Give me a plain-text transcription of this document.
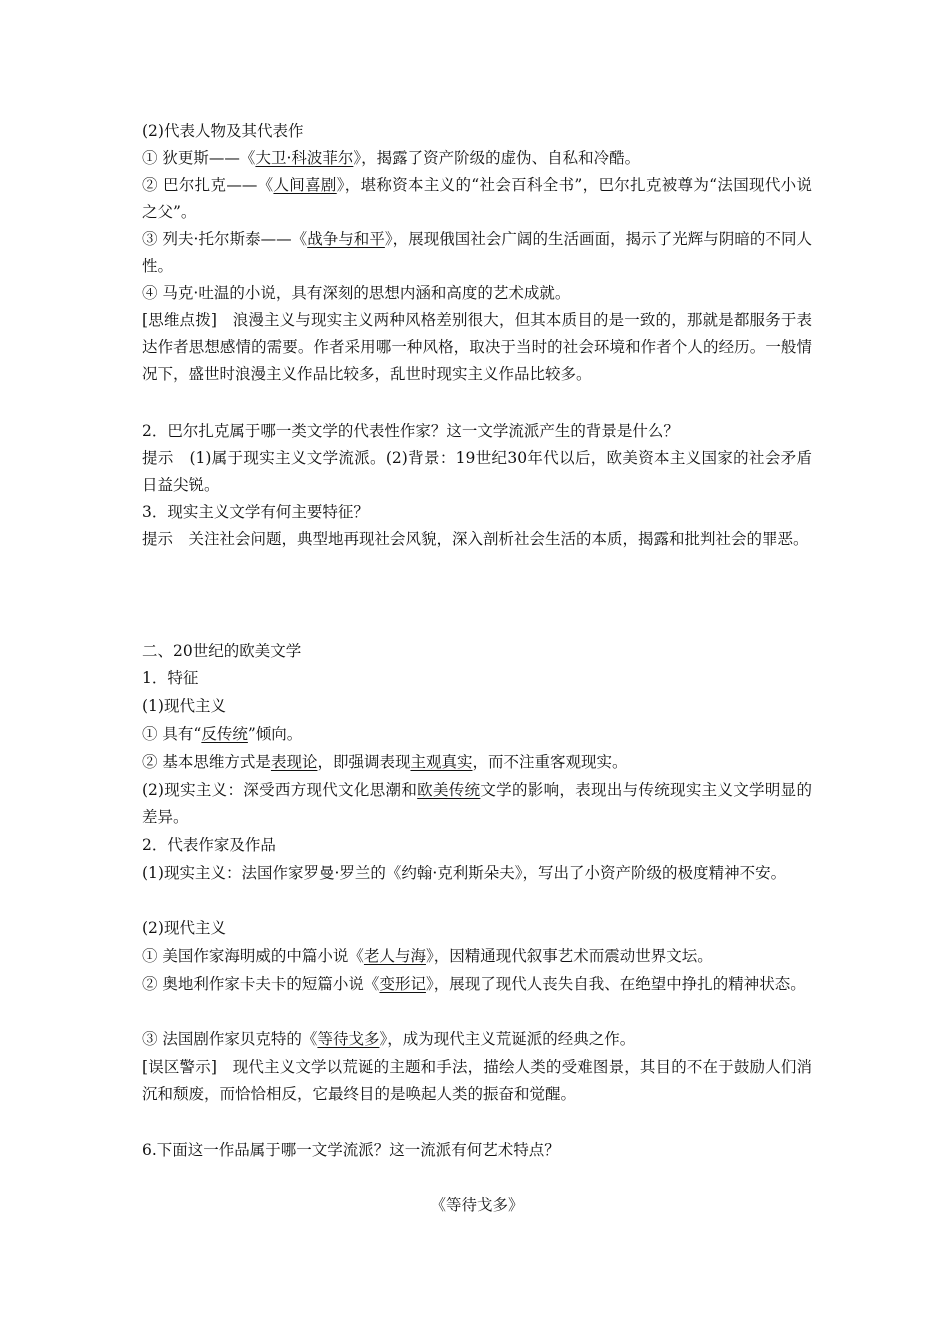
(2)代表人物及其代表作

① 狄更斯——《大卫·科波菲尔》，揭露了资产阶级的虚伪、自私和冷酷。

② 巴尔扎克——《人间喜剧》，堪称资本主义的“社会百科全书”，巴尔扎克被尊为“法国现代小说之父”。

③ 列夫·托尔斯泰——《战争与和平》，展现俄国社会广阔的生活画面，揭示了光辉与阴暗的不同人性。

④ 马克·吐温的小说，具有深刻的思想内涵和高度的艺术成就。

[思维点拨]　浪漫主义与现实主义两种风格差别很大，但其本质目的是一致的，那就是都服务于表达作者思想感情的需要。作者采用哪一种风格，取决于当时的社会环境和作者个人的经历。一般情况下，盛世时浪漫主义作品比较多，乱世时现实主义作品比较多。

2．巴尔扎克属于哪一类文学的代表性作家？这一文学流派产生的背景是什么？

提示　(1)属于现实主义文学流派。(2)背景：19世纪30年代以后，欧美资本主义国家的社会矛盾日益尖锐。

3．现实主义文学有何主要特征？

提示　关注社会问题，典型地再现社会风貌，深入剖析社会生活的本质，揭露和批判社会的罪恶。

二、20世纪的欧美文学

1．特征

(1)现代主义

① 具有“反传统”倾向。

② 基本思维方式是表现论，即强调表现主观真实，而不注重客观现实。

(2)现实主义：深受西方现代文化思潮和欧美传统文学的影响，表现出与传统现实主义文学明显的差异。

2．代表作家及作品

(1)现实主义：法国作家罗曼·罗兰的《约翰·克利斯朵夫》，写出了小资产阶级的极度精神不安。

(2)现代主义

① 美国作家海明威的中篇小说《老人与海》，因精通现代叙事艺术而震动世界文坛。

② 奥地利作家卡夫卡的短篇小说《变形记》，展现了现代人丧失自我、在绝望中挣扎的精神状态。

③ 法国剧作家贝克特的《等待戈多》，成为现代主义荒诞派的经典之作。

[误区警示]　现代主义文学以荒诞的主题和手法，描绘人类的受难图景，其目的不在于鼓励人们消沉和颓废，而恰恰相反，它最终目的是唤起人类的振奋和觉醒。

6.下面这一作品属于哪一文学流派？这一流派有何艺术特点？

《等待戈多》
